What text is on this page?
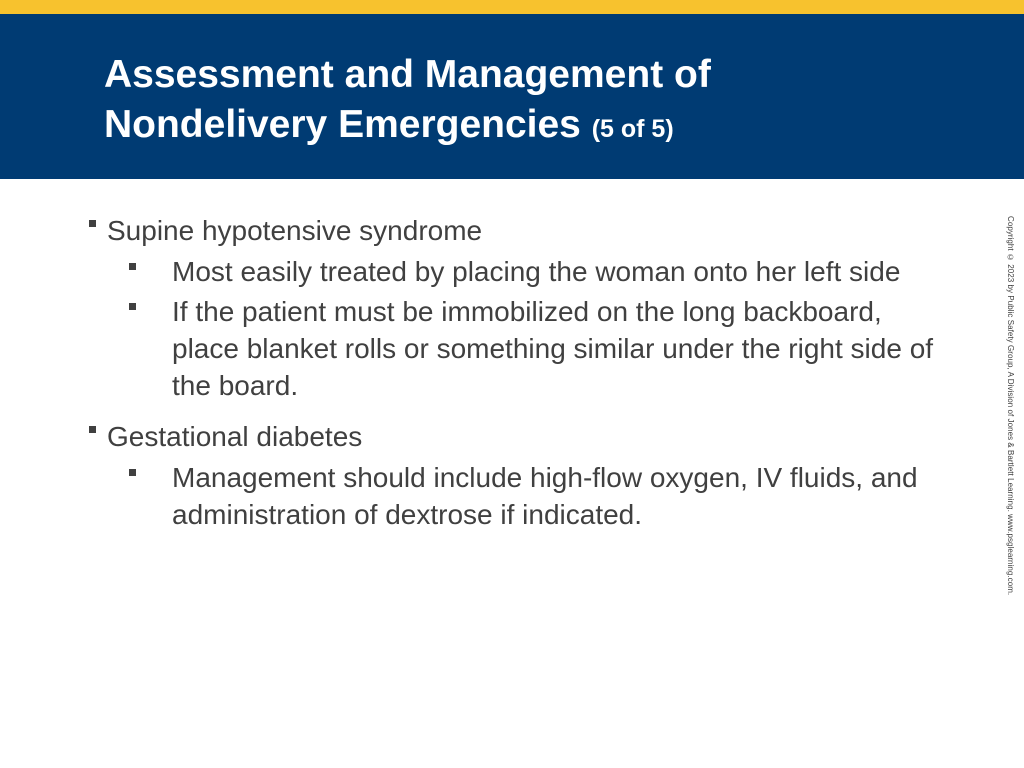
Assessment and Management of
Nondelivery Emergencies (5 of 5)
Supine hypotensive syndrome
Most easily treated by placing the woman onto her left side
If the patient must be immobilized on the long backboard, place blanket rolls or something similar under the right side of the board.
Gestational diabetes
Management should include high-flow oxygen, IV fluids, and administration of dextrose if indicated.	Copyright © 2023 by Public Safety Group, A Division of Jones & Bartlett Learning. www.psglearning.com.
